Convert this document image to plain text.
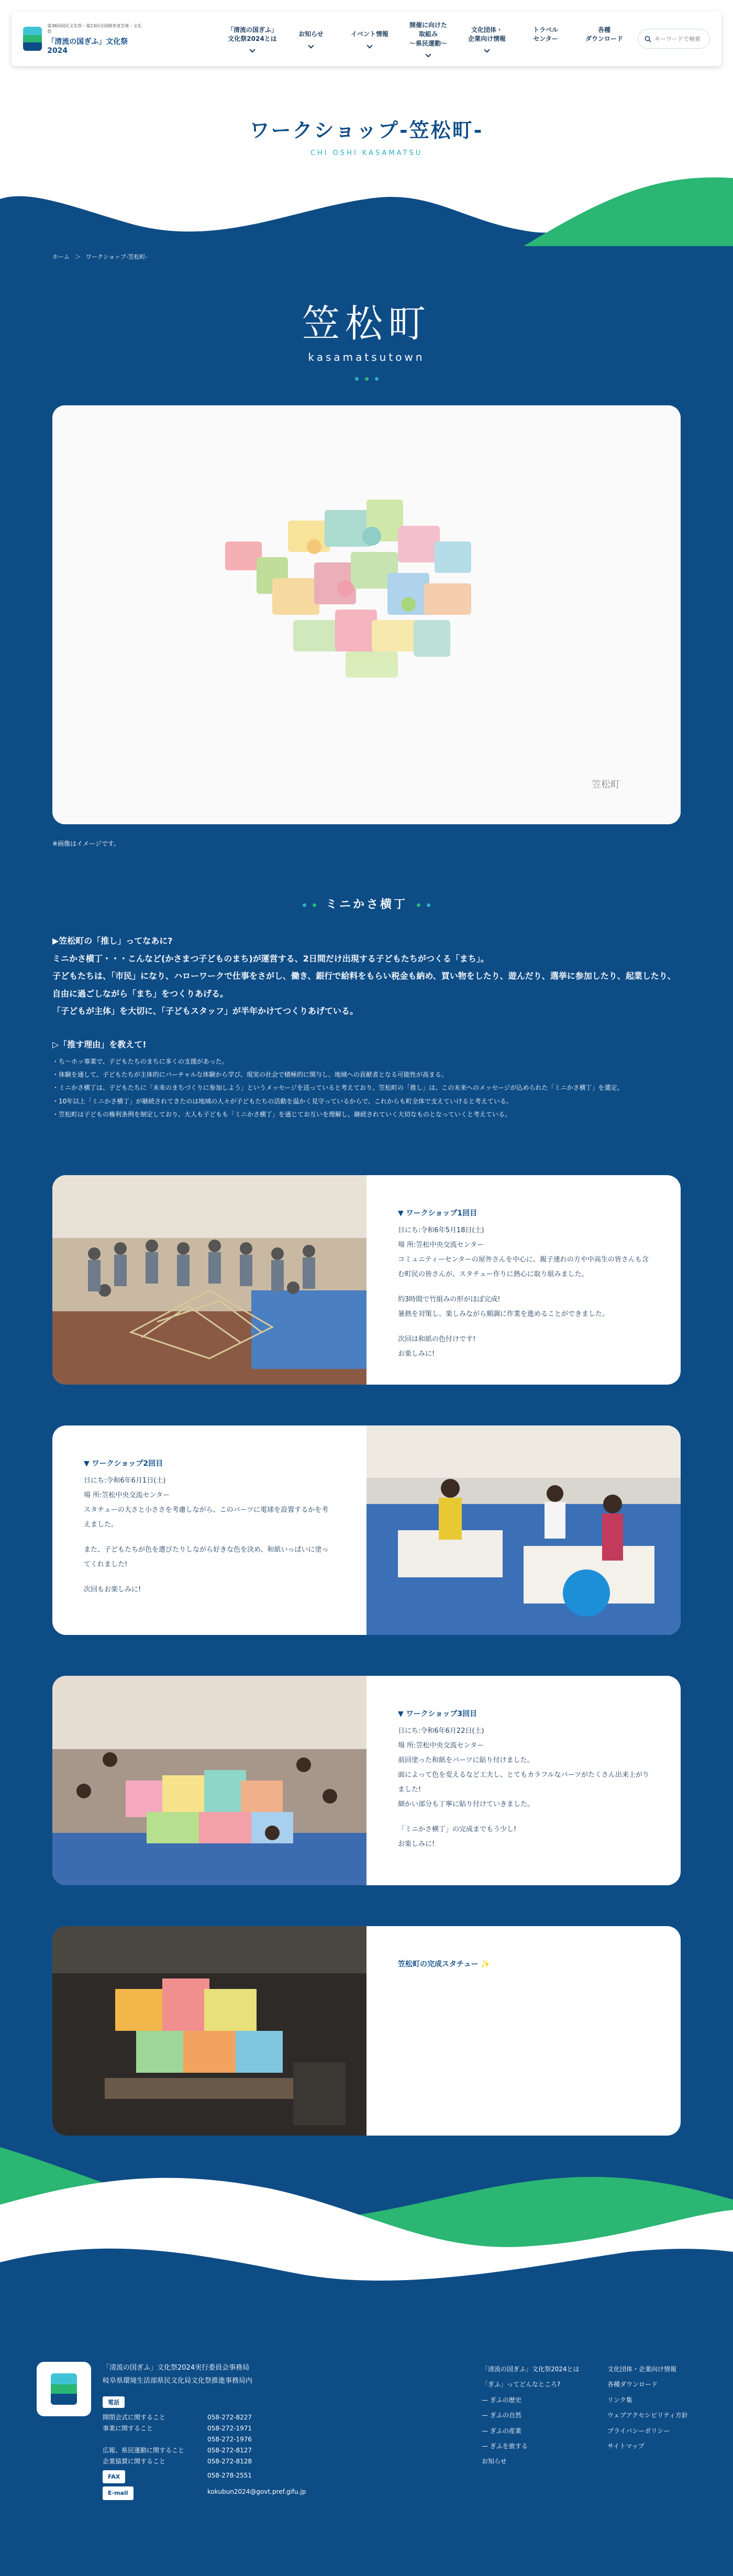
第38回国民文化祭・第23回全国障害者芸術・文化祭
「清流の国ぎふ」文化祭2024
「清流の国ぎふ」
文化祭2024とは
お知らせ	イベント情報
開催に向けた
取組み
〜県民運動〜
文化団体・
企業向け情報
トラベル
センター
各種
ダウンロード
キーワードで検索
ワークショップ-笠松町-
CHI OSHI KASAMATSU
ホーム ＞ ワークショップ-笠松町-
笠松町
kasamatsutown
笠松町
※画像はイメージです。
ミニかさ横丁

▶笠松町の「推し」ってなあに?

ミニかさ横丁・・・こんなど(かさまつ子どものまち)が運営する、2日間だけ出現する子どもたちがつくる「まち」。

子どもたちは、「市民」になり、ハローワークで仕事をさがし、働き、銀行で給料をもらい税金も納め、買い物をしたり、遊んだり、選挙に参加したり、起業したり、自由に過ごしながら「まち」をつくりあげる。

「子どもが主体」を大切に、「子どもスタッフ」が半年かけてつくりあげている。

▷「推す理由」を教えて!
・ち〜ホッ事業で、子どもたちのまちに多くの支援があった。
・体験を通して、子どもたちが主体的にバーチャルな体験から学び、現実の社会で積極的に関与し、地域への貢献者となる可能性が高まる。
・ミニかさ横丁は、子どもたちに「未来のまちづくりに参加しよう」というメッセージを送っていると考えており、笠松町の「推し」は、この未来へのメッセージが込められた「ミニかさ横丁」を選定。
・10年以上「ミニかさ横丁」が継続されてきたのは地域の人々が子どもたちの活動を温かく見守っているからで、これからも町全体で支えていけると考えている。
・笠松町は子どもの権利条例を制定しており、大人も子どもも「ミニかさ横丁」を通じてお互いを理解し、継続されていく大切なものとなっていくと考えている。
▼ ワークショップ1回目
日にち:令和6年5月18日(土)
場 所:笠松中央交流センター
コミュニティーセンターの屋外さんを中心に、親子連れの方や中高生の皆さんも含む町民の皆さんが、スタチュー作りに熱心に取り組みました。
約3時間で竹組みの形がほぼ完成!
暑熱を対策し、楽しみながら順調に作業を進めることができました。
次回は和紙の色付けです!
お楽しみに!
▼ ワークショップ2回目
日にち:令和6年6月1日(土)
場 所:笠松中央交流センター
スタチューの大さと小ささを考慮しながら、このパーツに電球を設置するかを考えました。
また、子どもたちが色を選びたりしながら好きな色を決め、和紙いっぱいに塗ってくれました!
次回もお楽しみに!
▼ ワークショップ3回目
日にち:令和6年6月22日(土)
場 所:笠松中央交流センター
前回塗った和紙をパーツに貼り付けました。
面によって色を変えるなど工夫し、とてもカラフルなパーツがたくさん出来上がりました!
細かい部分も丁寧に貼り付けていきました。
「ミニかさ横丁」の完成までもう少し!
お楽しみに!
笠松町の完成スタチュー ✨
「清流の国ぎふ」文化祭2024実行委員会事務局
岐阜県環境生活部県民文化局文化祭推進事務局内
電話
開閉会式に関すること	058-272-8227
事業に関すること	058-272-1971
058-272-1976
広報、県民運動に関すること	058-272-8127
企業協賛に関すること	058-272-8128
FAX	058-278-2551
E-mail	kokubun2024@govt.pref.gifu.jp
「清流の国ぎふ」文化祭2024とは
「ぎふ」ってどんなところ?
— ぎふの歴史
— ぎふの自然
— ぎふの産業
— ぎふを旅する
お知らせ
文化団体・企業向け情報
各種ダウンロード
リンク集
ウェブアクセシビリティ方針
プライバシーポリシー
サイトマップ
Copyright © Gifu Prefecture. All Rights Reserved.
